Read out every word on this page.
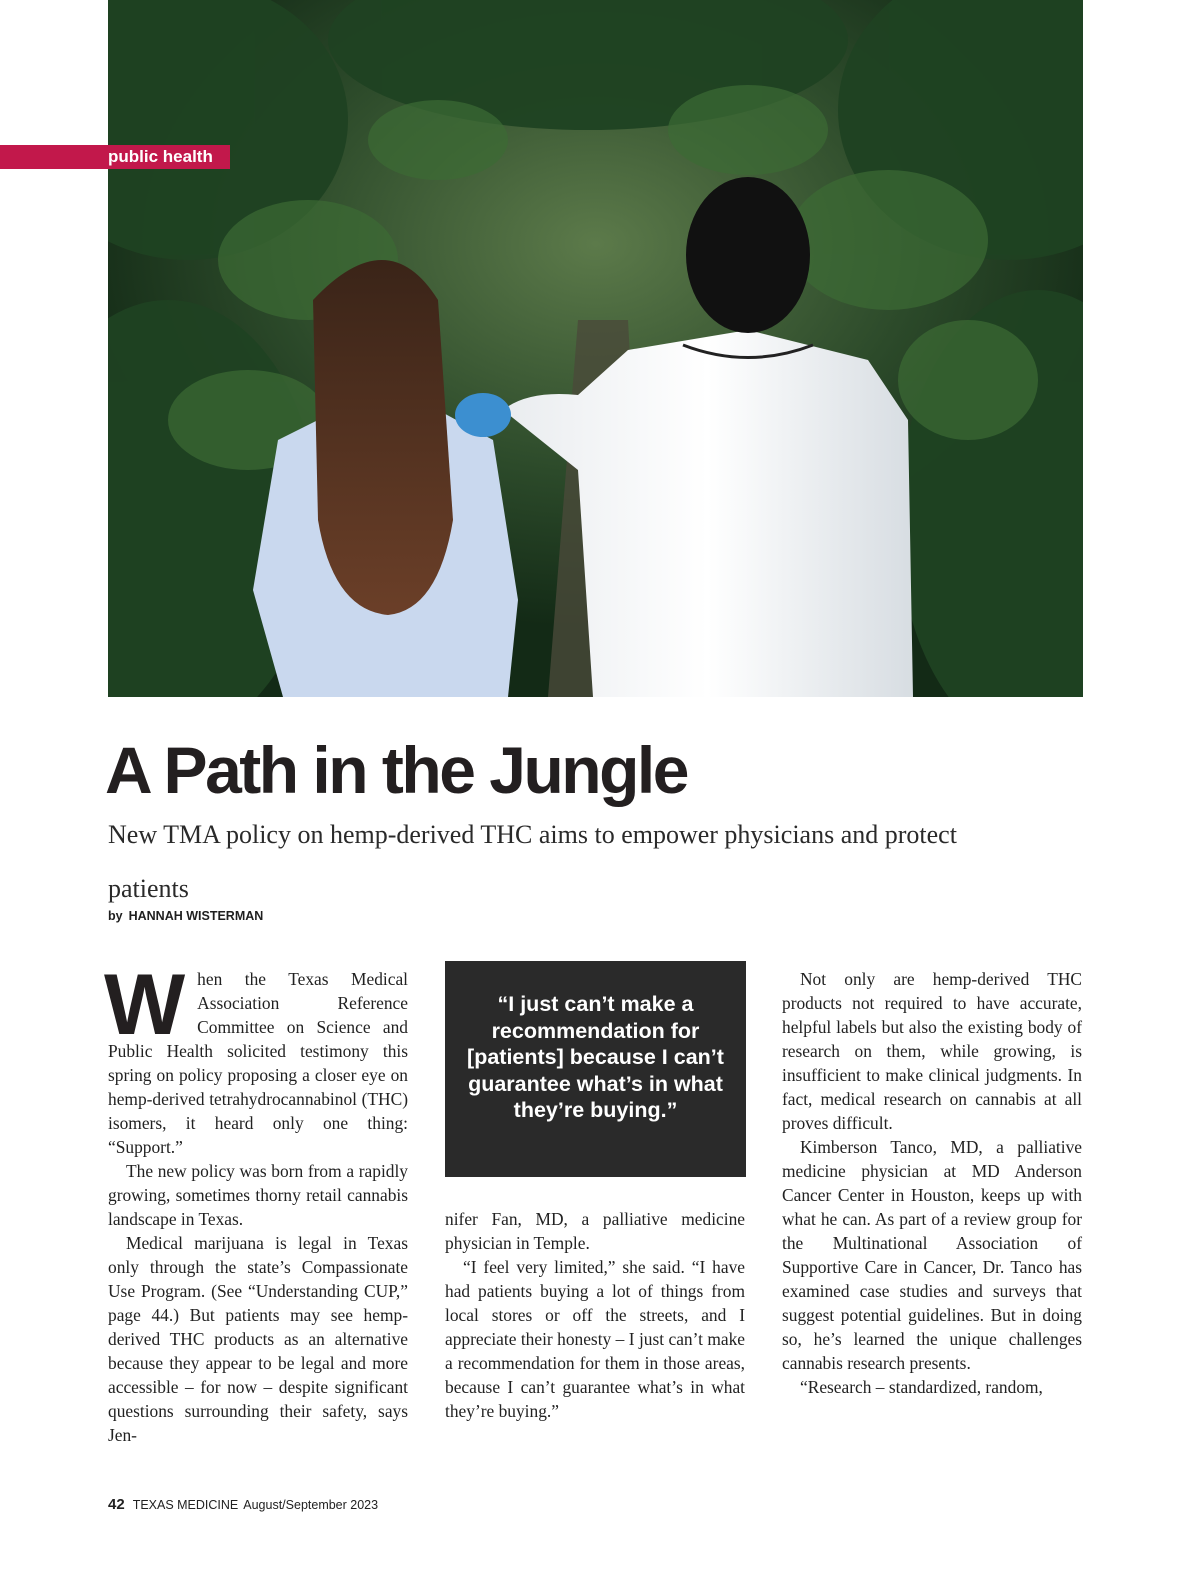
public health
A Path in the Jungle

New TMA policy on hemp-derived THC aims to empower physicians and protect patients

by HANNAH WISTERMAN

When the Texas Medical Association Reference Committee on Science and Public Health solicited testimony this spring on policy proposing a closer eye on hemp-derived tetrahydrocannabinol (THC) isomers, it heard only one thing: “Support.”

The new policy was born from a rapidly growing, sometimes thorny retail cannabis landscape in Texas.

Medical marijuana is legal in Texas only through the state’s Compassionate Use Program. (See “Understanding CUP,” page 44.) But patients may see hemp-derived THC products as an alternative because they appear to be legal and more accessible – for now – despite significant questions surrounding their safety, says Jen-

“I just can’t make a recommendation for [patients] because I can’t guarantee what’s in what they’re buying.”

nifer Fan, MD, a palliative medicine physician in Temple.

“I feel very limited,” she said. “I have had patients buying a lot of things from local stores or off the streets, and I appreciate their honesty – I just can’t make a recommendation for them in those areas, because I can’t guarantee what’s in what they’re buying.”

Not only are hemp-derived THC products not required to have accurate, helpful labels but also the existing body of research on them, while growing, is insufficient to make clinical judgments. In fact, medical research on cannabis at all proves difficult.

Kimberson Tanco, MD, a palliative medicine physician at MD Anderson Cancer Center in Houston, keeps up with what he can. As part of a review group for the Multinational Association of Supportive Care in Cancer, Dr. Tanco has examined case studies and surveys that suggest potential guidelines. But in doing so, he’s learned the unique challenges cannabis research presents.

“Research – standardized, random,

42 TEXAS MEDICINE August/September 2023
